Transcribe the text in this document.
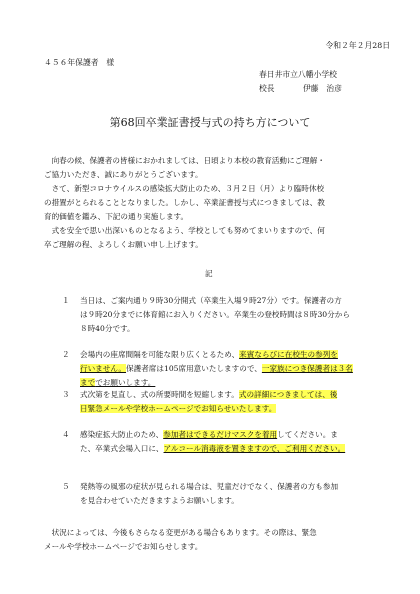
令和２年２月28日
４５６年保護者　様
春日井市立八幡小学校
校長	伊藤　治彦
第68回卒業証書授与式の持ち方について
　向春の候、保護者の皆様におかれましては、日頃より本校の教育活動にご理解・
ご協力いただき、誠にありがとうございます。
　さて、新型コロナウイルスの感染拡大防止のため、３月２日（月）より臨時休校
の措置がとられることとなりました。しかし、卒業証書授与式につきましては、教
育的価値を鑑み、下記の通り実施します。
　式を安全で思い出深いものとなるよう、学校としても努めてまいりますので、何
卒ご理解の程、よろしくお願い申し上げます。
記
１ 当日は、ご案内通り９時30分開式（卒業生入場９時27分）です。保護者の方
は９時20分までに体育館にお入りください。卒業生の登校時間は８時30分から
８時40分です。
２ 会場内の座席間隔を可能な限り広くとるため、来賓ならびに在校生の参列を
行いません。保護者席は105席用意いたしますので、一家族につき保護者は３名
まででお願いします。
３ 式次第を見直し、式の所要時間を短縮します。式の詳細につきましては、後
日緊急メールや学校ホームページでお知らせいたします。
４ 感染症拡大防止のため、参加者はできるだけマスクを着用してください。ま
た、卒業式会場入口に、アルコール消毒液を置きますので、ご利用ください。
５ 発熱等の風邪の症状が見られる場合は、児童だけでなく、保護者の方も参加
を見合わせていただきますようお願いします。
　状況によっては、今後もさらなる変更がある場合もあります。その際は、緊急
メールや学校ホームページでお知らせします。
